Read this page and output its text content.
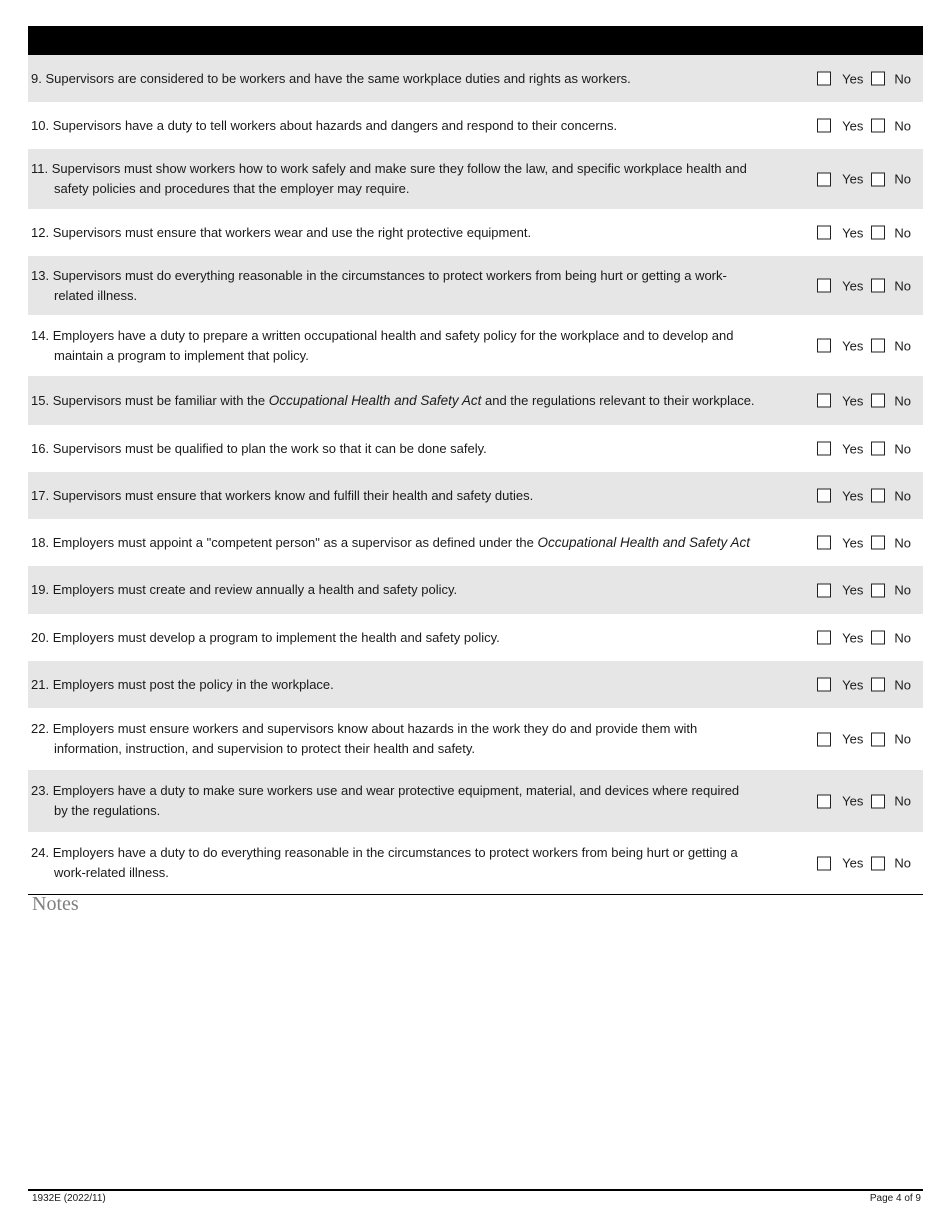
9. Supervisors are considered to be workers and have the same workplace duties and rights as workers.	Yes No
10. Supervisors have a duty to tell workers about hazards and dangers and respond to their concerns.	Yes No
11. Supervisors must show workers how to work safely and make sure they follow the law, and specific workplace health and
safety policies and procedures that the employer may require.
Yes No
12. Supervisors must ensure that workers wear and use the right protective equipment.	Yes No
13. Supervisors must do everything reasonable in the circumstances to protect workers from being hurt or getting a work-
related illness.
Yes No
14. Employers have a duty to prepare a written occupational health and safety policy for the workplace and to develop and
maintain a program to implement that policy.
Yes No
15. Supervisors must be familiar with the Occupational Health and Safety Act and the regulations relevant to their workplace.	Yes No
16. Supervisors must be qualified to plan the work so that it can be done safely.	Yes No
17. Supervisors must ensure that workers know and fulfill their health and safety duties.	Yes No
18. Employers must appoint a "competent person" as a supervisor as defined under the Occupational Health and Safety Act	Yes No
19. Employers must create and review annually a health and safety policy.	Yes No
20. Employers must develop a program to implement the health and safety policy.	Yes No
21. Employers must post the policy in the workplace.	Yes No
22. Employers must ensure workers and supervisors know about hazards in the work they do and provide them with
information, instruction, and supervision to protect their health and safety.
Yes No
23. Employers have a duty to make sure workers use and wear protective equipment, material, and devices where required
by the regulations.
Yes No
24. Employers have a duty to do everything reasonable in the circumstances to protect workers from being hurt or getting a
work-related illness.
Yes No
Notes
1932E (2022/11)	Page 4 of 9
